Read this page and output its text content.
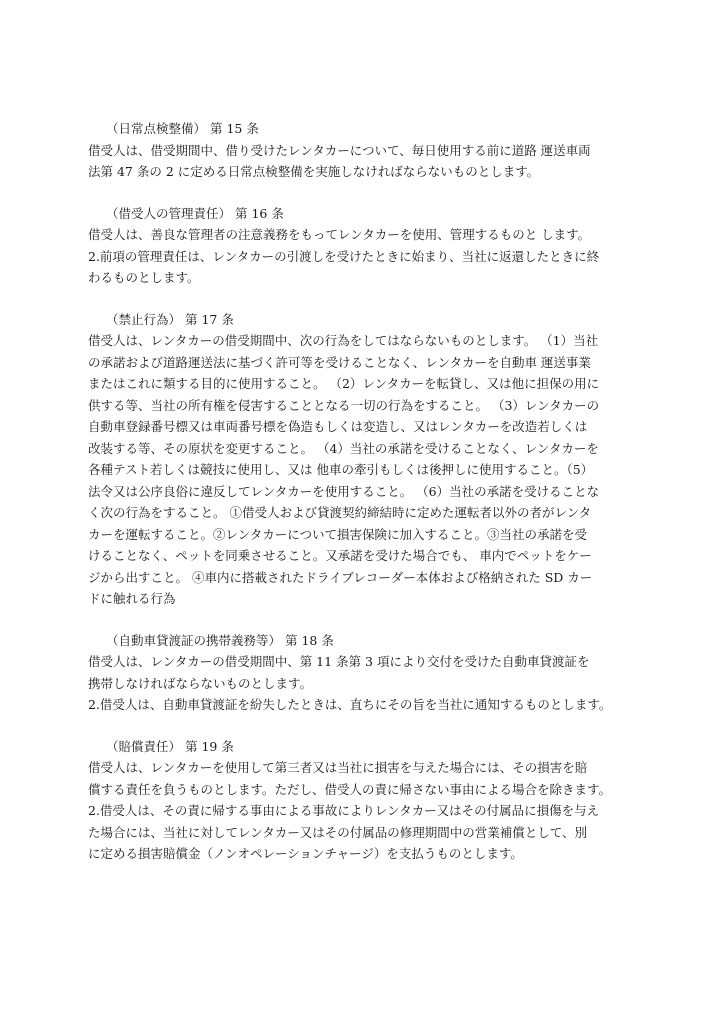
（日常点検整備） 第 15 条
借受人は、借受期間中、借り受けたレンタカーについて、毎日使用する前に道路 運送車両
法第 47 条の 2 に定める日常点検整備を実施しなければならないものとします。
（借受人の管理責任） 第 16 条
借受人は、善良な管理者の注意義務をもってレンタカーを使用、管理するものと します。
2.前項の管理責任は、レンタカーの引渡しを受けたときに始まり、当社に返還したときに終
わるものとします。
（禁止行為） 第 17 条
借受人は、レンタカーの借受期間中、次の行為をしてはならないものとします。 （1）当社
の承諾および道路運送法に基づく許可等を受けることなく、レンタカーを自動車 運送事業
またはこれに類する目的に使用すること。 （2）レンタカーを転貸し、又は他に担保の用に
供する等、当社の所有権を侵害することとなる一切の行為をすること。 （3）レンタカーの
自動車登録番号標又は車両番号標を偽造もしくは変造し、又はレンタカーを改造若しくは
改装する等、その原状を変更すること。 （4）当社の承諾を受けることなく、レンタカーを
各種テスト若しくは競技に使用し、又は 他車の牽引もしくは後押しに使用すること。（5）
法令又は公序良俗に違反してレンタカーを使用すること。 （6）当社の承諾を受けることな
く次の行為をすること。 ①借受人および貸渡契約締結時に定めた運転者以外の者がレンタ
カーを運転すること。②レンタカーについて損害保険に加入すること。③当社の承諾を受
けることなく、ペットを同乗させること。又承諾を受けた場合でも、 車内でペットをケー
ジから出すこと。 ④車内に搭載されたドライブレコーダー本体および格納された SD カー
ドに触れる行為
（自動車貸渡証の携帯義務等） 第 18 条
借受人は、レンタカーの借受期間中、第 11 条第 3 項により交付を受けた自動車貸渡証を
携帯しなければならないものとします。
2.借受人は、自動車貸渡証を紛失したときは、直ちにその旨を当社に通知するものとします。
（賠償責任） 第 19 条
借受人は、レンタカーを使用して第三者又は当社に損害を与えた場合には、その損害を賠
償する責任を負うものとします。ただし、借受人の責に帰さない事由による場合を除きます。
2.借受人は、その責に帰する事由による事故によりレンタカー又はその付属品に損傷を与え
た場合には、当社に対してレンタカー又はその付属品の修理期間中の営業補償として、別
に定める損害賠償金（ノンオペレーションチャージ）を支払うものとします。
